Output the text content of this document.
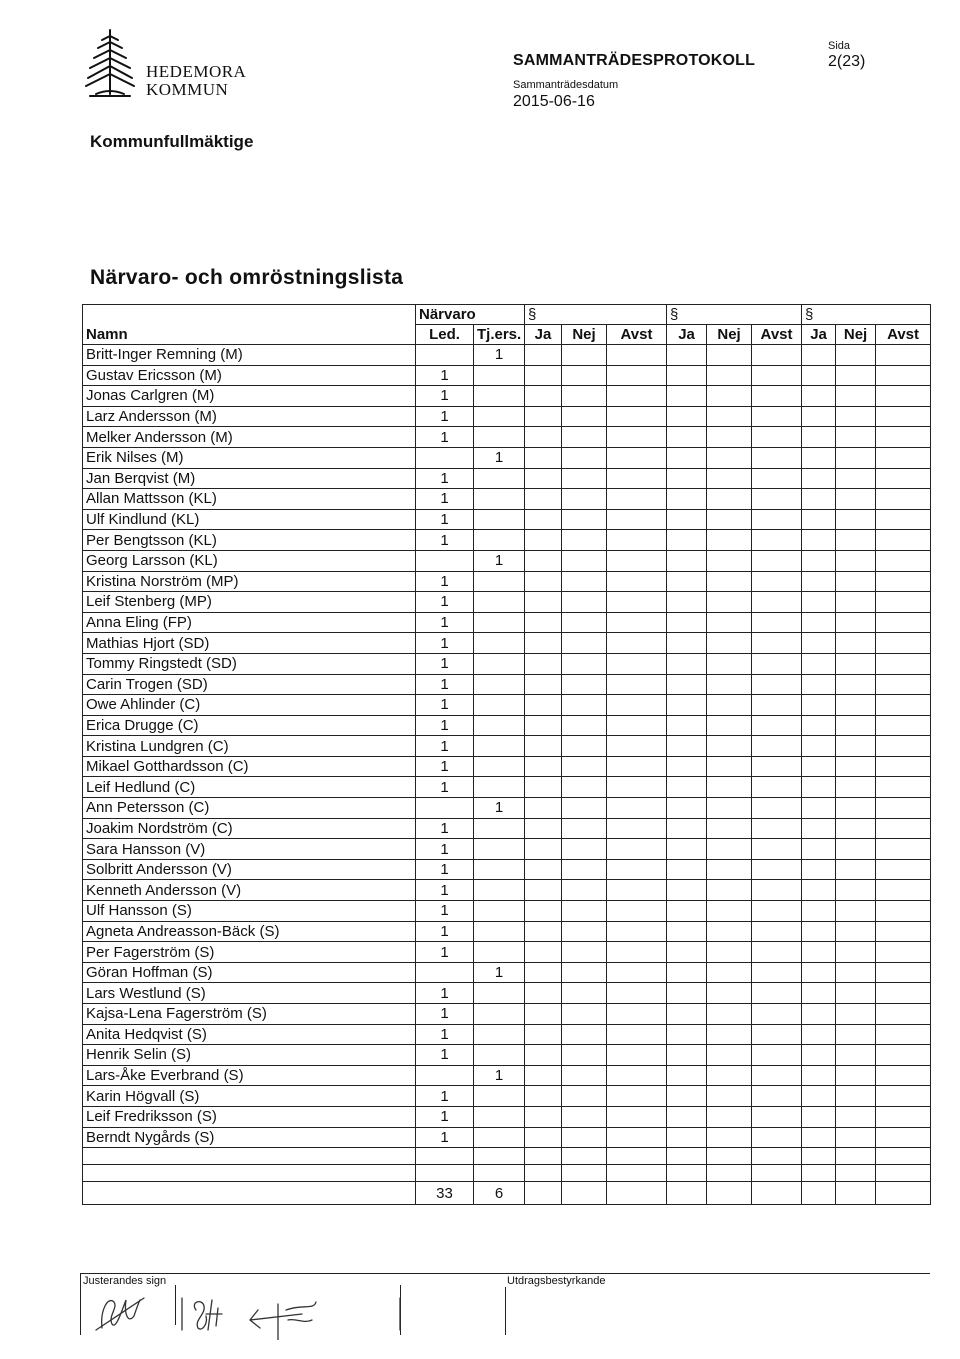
HEDEMORA
KOMMUN
SAMMANTRÄDESPROTOKOLL
Sammanträdesdatum
2015-06-16
Sida
2(23)
Kommunfullmäktige
Närvaro- och omröstningslista
	Närvaro		§			§			§		
Namn	Led.	Tj.ers.	Ja	Nej	Avst	Ja	Nej	Avst	Ja	Nej	Avst
Britt-Inger Remning (M)		1									
Gustav Ericsson (M)	1										
Jonas Carlgren (M)	1										
Larz Andersson (M)	1										
Melker Andersson (M)	1										
Erik Nilses (M)		1									
Jan Berqvist (M)	1										
Allan Mattsson (KL)	1										
Ulf Kindlund (KL)	1										
Per Bengtsson (KL)	1										
Georg Larsson (KL)		1									
Kristina Norström (MP)	1										
Leif Stenberg (MP)	1										
Anna Eling (FP)	1										
Mathias Hjort (SD)	1										
Tommy Ringstedt (SD)	1										
Carin Trogen (SD)	1										
Owe Ahlinder (C)	1										
Erica Drugge (C)	1										
Kristina Lundgren (C)	1										
Mikael Gotthardsson (C)	1										
Leif Hedlund (C)	1										
Ann Petersson (C)		1									
Joakim Nordström (C)	1										
Sara Hansson (V)	1										
Solbritt Andersson (V)	1										
Kenneth Andersson (V)	1										
Ulf Hansson (S)	1										
Agneta Andreasson-Bäck (S)	1										
Per Fagerström (S)	1										
Göran Hoffman (S)		1									
Lars Westlund (S)	1										
Kajsa-Lena Fagerström (S)	1										
Anita Hedqvist (S)	1										
Henrik Selin (S)	1										
Lars-Åke Everbrand (S)		1									
Karin Högvall (S)	1										
Leif Fredriksson (S)	1										
Berndt Nygårds (S)	1										

	33	6									
Justerandes sign	Utdragsbestyrkande
